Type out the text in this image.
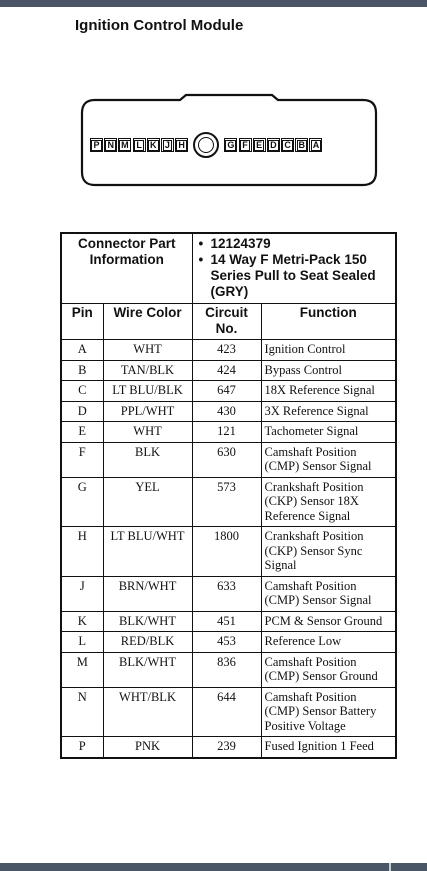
Ignition Control Module
P N M L K J H	G F E D C B A
Connector Part Information		• 12124379
• 14 Way F Metri-Pack 150 Series Pull to Seat Sealed (GRY)	

Pin	Wire Color	Circuit No.	Function
A	WHT	423	Ignition Control
B	TAN/BLK	424	Bypass Control
C	LT BLU/BLK	647	18X Reference Signal
D	PPL/WHT	430	3X Reference Signal
E	WHT	121	Tachometer Signal
F	BLK	630	Camshaft Position (CMP) Sensor Signal
G	YEL	573	Crankshaft Position (CKP) Sensor 18X Reference Signal
H	LT BLU/WHT	1800	Crankshaft Position (CKP) Sensor Sync Signal
J	BRN/WHT	633	Camshaft Position (CMP) Sensor Signal
K	BLK/WHT	451	PCM & Sensor Ground
L	RED/BLK	453	Reference Low
M	BLK/WHT	836	Camshaft Position (CMP) Sensor Ground
N	WHT/BLK	644	Camshaft Position (CMP) Sensor Battery Positive Voltage
P	PNK	239	Fused Ignition 1 Feed
